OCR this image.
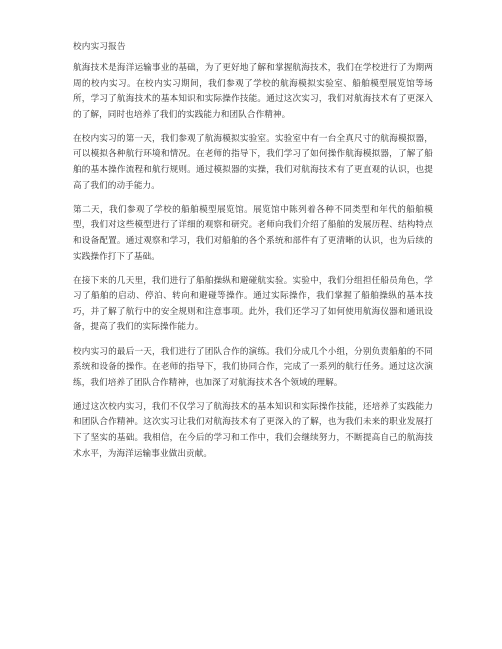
校内实习报告

航海技术是海洋运输事业的基础，为了更好地了解和掌握航海技术，我们在学校进行了为期两周的校内实习。在校内实习期间，我们参观了学校的航海模拟实验室、船舶模型展览馆等场所，学习了航海技术的基本知识和实际操作技能。通过这次实习，我们对航海技术有了更深入的了解，同时也培养了我们的实践能力和团队合作精神。

在校内实习的第一天，我们参观了航海模拟实验室。实验室中有一台全真尺寸的航海模拟器，可以模拟各种航行环境和情况。在老师的指导下，我们学习了如何操作航海模拟器，了解了船舶的基本操作流程和航行规则。通过模拟器的实操，我们对航海技术有了更直观的认识，也提高了我们的动手能力。

第二天，我们参观了学校的船舶模型展览馆。展览馆中陈列着各种不同类型和年代的船舶模型，我们对这些模型进行了详细的观察和研究。老师向我们介绍了船舶的发展历程、结构特点和设备配置。通过观察和学习，我们对船舶的各个系统和部件有了更清晰的认识，也为后续的实践操作打下了基础。

在接下来的几天里，我们进行了船舶操纵和避碰航实验。实验中，我们分组担任船员角色，学习了船舶的启动、停泊、转向和避碰等操作。通过实际操作，我们掌握了船舶操纵的基本技巧，并了解了航行中的安全规则和注意事项。此外，我们还学习了如何使用航海仪器和通讯设备，提高了我们的实际操作能力。

校内实习的最后一天，我们进行了团队合作的演练。我们分成几个小组，分别负责船舶的不同系统和设备的操作。在老师的指导下，我们协同合作，完成了一系列的航行任务。通过这次演练，我们培养了团队合作精神，也加深了对航海技术各个领域的理解。

通过这次校内实习，我们不仅学习了航海技术的基本知识和实际操作技能，还培养了实践能力和团队合作精神。这次实习让我们对航海技术有了更深入的了解，也为我们未来的职业发展打下了坚实的基础。我相信，在今后的学习和工作中，我们会继续努力，不断提高自己的航海技术水平，为海洋运输事业做出贡献。
